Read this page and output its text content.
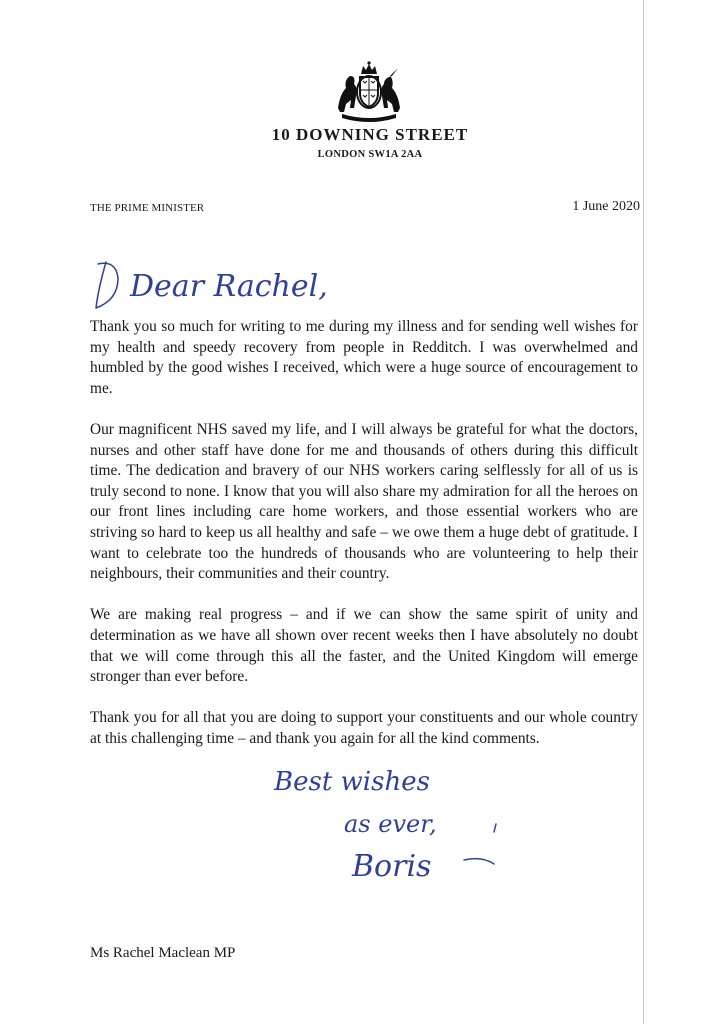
10 DOWNING STREET
LONDON SW1A 2AA
THE PRIME MINISTER	1 June 2020
Dear Rachel,

Thank you so much for writing to me during my illness and for sending well wishes for my health and speedy recovery from people in Redditch. I was overwhelmed and humbled by the good wishes I received, which were a huge source of encouragement to me.

Our magnificent NHS saved my life, and I will always be grateful for what the doctors, nurses and other staff have done for me and thousands of others during this difficult time. The dedication and bravery of our NHS workers caring selflessly for all of us is truly second to none. I know that you will also share my admiration for all the heroes on our front lines including care home workers, and those essential workers who are striving so hard to keep us all healthy and safe – we owe them a huge debt of gratitude. I want to celebrate too the hundreds of thousands who are volunteering to help their neighbours, their communities and their country.

We are making real progress – and if we can show the same spirit of unity and determination as we have all shown over recent weeks then I have absolutely no doubt that we will come through this all the faster, and the United Kingdom will emerge stronger than ever before.

Thank you for all that you are doing to support your constituents and our whole country at this challenging time – and thank you again for all the kind comments.

Best wishes
as ever,
Boris
Ms Rachel Maclean MP
